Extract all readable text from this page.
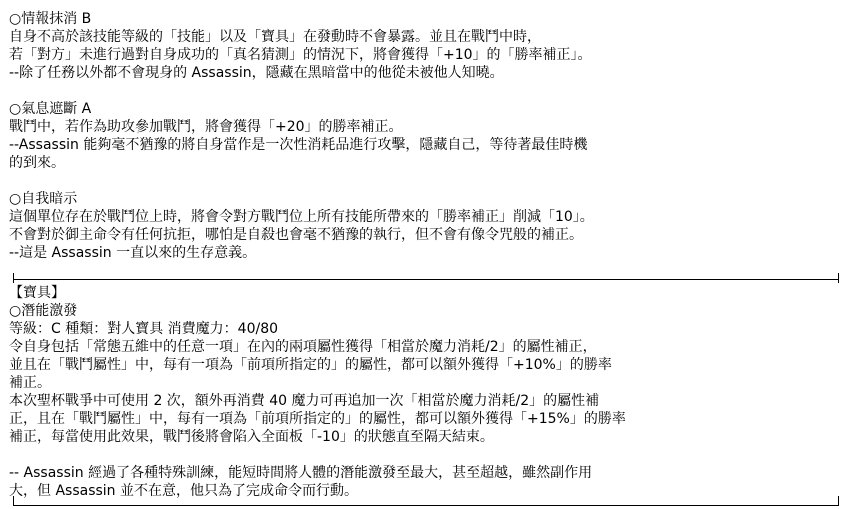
○情報抹消 B
自身不高於該技能等級的「技能」以及「寶具」在發動時不會暴露。並且在戰鬥中時，
若「對方」未進行過對自身成功的「真名猜測」的情況下，將會獲得「+10」的「勝率補正」。
--除了任務以外都不會現身的 Assassin，隱藏在黑暗當中的他從未被他人知曉。
○氣息遮斷 A
戰鬥中，若作為助攻參加戰鬥，將會獲得「+20」的勝率補正。
--Assassin 能夠毫不猶豫的將自身當作是一次性消耗品進行攻擊，隱藏自己，等待著最佳時機
的到來。
○自我暗示
這個單位存在於戰鬥位上時，將會令對方戰鬥位上所有技能所帶來的「勝率補正」削減「10」。
不會對於御主命令有任何抗拒，哪怕是自殺也會毫不猶豫的執行，但不會有像令咒般的補正。
--這是 Assassin 一直以來的生存意義。
【寶具】
○潛能激發
等級：C 種類：對人寶具 消費魔力：40/80
令自身包括「常態五維中的任意一項」在內的兩項屬性獲得「相當於魔力消耗/2」的屬性補正，
並且在「戰鬥屬性」中，每有一項為「前項所指定的」的屬性，都可以額外獲得「+10%」的勝率
補正。
本次聖杯戰爭中可使用 2 次，額外再消費 40 魔力可再追加一次「相當於魔力消耗/2」的屬性補
正，且在「戰鬥屬性」中，每有一項為「前項所指定的」的屬性，都可以額外獲得「+15%」的勝率
補正，每當使用此效果，戰鬥後將會陷入全面板「-10」的狀態直至隔天結束。
-- Assassin 經過了各種特殊訓練，能短時間將人體的潛能激發至最大，甚至超越，雖然副作用
大，但 Assassin 並不在意，他只為了完成命令而行動。
